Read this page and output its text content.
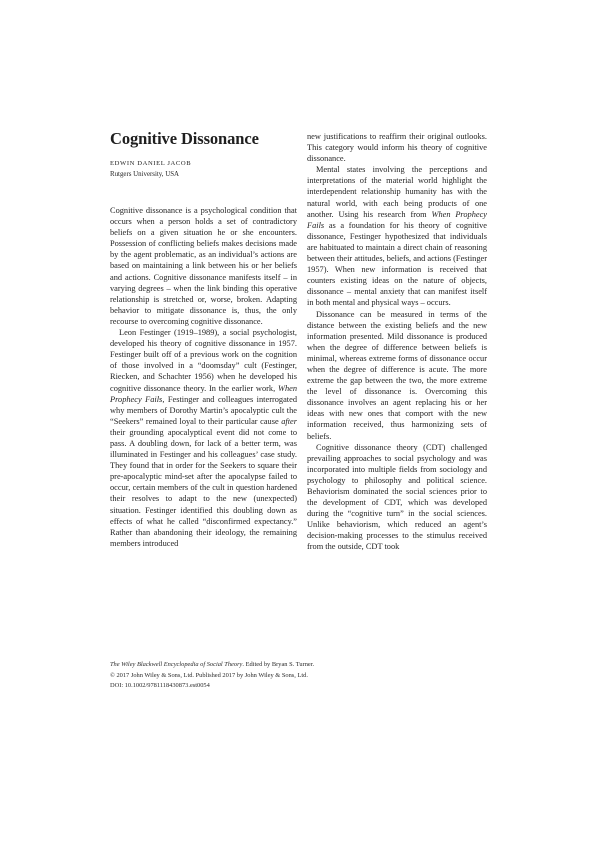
Cognitive Dissonance

EDWIN DANIEL JACOB

Rutgers University, USA

Cognitive dissonance is a psychological condition that occurs when a person holds a set of contradictory beliefs on a given situation he or she encounters. Possession of conflicting beliefs makes decisions made by the agent problematic, as an individual’s actions are based on maintaining a link between his or her beliefs and actions. Cognitive dissonance manifests itself – in varying degrees – when the link binding this operative relationship is stretched or, worse, broken. Adapting behavior to mitigate dissonance is, thus, the only recourse to overcoming cognitive dissonance.

Leon Festinger (1919–1989), a social psychologist, developed his theory of cognitive dissonance in 1957. Festinger built off of a previous work on the cognition of those involved in a “doomsday” cult (Festinger, Riecken, and Schachter 1956) when he developed his cognitive dissonance theory. In the earlier work, When Prophecy Fails, Festinger and colleagues interrogated why members of Dorothy Martin’s apocalyptic cult the “Seekers” remained loyal to their particular cause after their grounding apocalyptical event did not come to pass. A doubling down, for lack of a better term, was illuminated in Festinger and his colleagues’ case study. They found that in order for the Seekers to square their pre-apocalyptic mind-set after the apocalypse failed to occur, certain members of the cult in question hardened their resolves to adapt to the new (unexpected) situation. Festinger identified this doubling down as effects of what he called “disconfirmed expectancy.” Rather than abandoning their ideology, the remaining members introduced

new justifications to reaffirm their original outlooks. This category would inform his theory of cognitive dissonance.

Mental states involving the perceptions and interpretations of the material world highlight the interdependent relationship humanity has with the natural world, with each being products of one another. Using his research from When Prophecy Fails as a foundation for his theory of cognitive dissonance, Festinger hypothesized that individuals are habituated to maintain a direct chain of reasoning between their attitudes, beliefs, and actions (Festinger 1957). When new information is received that counters existing ideas on the nature of objects, dissonance – mental anxiety that can manifest itself in both mental and physical ways – occurs.

Dissonance can be measured in terms of the distance between the existing beliefs and the new information presented. Mild dissonance is produced when the degree of difference between beliefs is minimal, whereas extreme forms of dissonance occur when the degree of difference is acute. The more extreme the gap between the two, the more extreme the level of dissonance is. Overcoming this dissonance involves an agent replacing his or her ideas with new ones that comport with the new information received, thus harmonizing sets of beliefs.

Cognitive dissonance theory (CDT) challenged prevailing approaches to social psychology and was incorporated into multiple fields from sociology and psychology to philosophy and political science. Behaviorism dominated the social sciences prior to the development of CDT, which was developed during the “cognitive turn” in the social sciences. Unlike behaviorism, which reduced an agent’s decision-making processes to the stimulus received from the outside, CDT took

The Wiley Blackwell Encyclopedia of Social Theory. Edited by Bryan S. Turner.
© 2017 John Wiley & Sons, Ltd. Published 2017 by John Wiley & Sons, Ltd.
DOI: 10.1002/9781118430873.est0054
